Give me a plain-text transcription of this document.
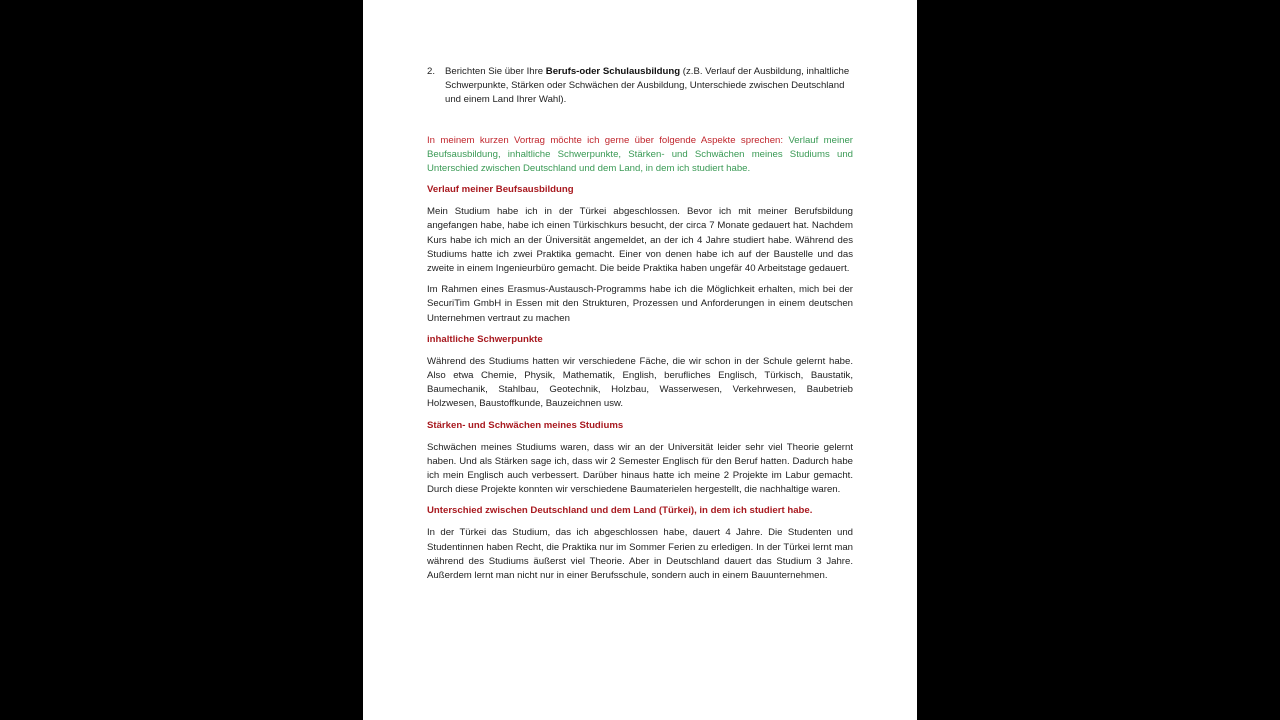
2.	Berichten Sie über Ihre Berufs-oder Schulausbildung (z.B. Verlauf der Ausbildung, inhaltliche Schwerpunkte, Stärken oder Schwächen der Ausbildung, Unterschiede zwischen Deutschland und einem Land Ihrer Wahl).

In meinem kurzen Vortrag möchte ich gerne über folgende Aspekte sprechen: Verlauf meiner Beufsausbildung, inhaltliche Schwerpunkte, Stärken- und Schwächen meines Studiums und Unterschied zwischen Deutschland und dem Land, in dem ich studiert habe.

Verlauf meiner Beufsausbildung

Mein Studium habe ich in der Türkei abgeschlossen. Bevor ich mit meiner Berufsbildung angefangen habe, habe ich einen Türkischkurs besucht, der circa 7 Monate gedauert hat. Nachdem Kurs habe ich mich an der Üniversität angemeldet, an der ich 4 Jahre studiert habe. Während des Studiums hatte ich zwei Praktika gemacht. Einer von denen habe ich auf der Baustelle und das zweite in einem Ingenieurbüro gemacht. Die beide Praktika haben ungefär 40 Arbeitstage gedauert.

Im Rahmen eines Erasmus-Austausch-Programms habe ich die Möglichkeit erhalten, mich bei der SecuriTim GmbH in Essen mit den Strukturen, Prozessen und Anforderungen in einem deutschen Unternehmen vertraut zu machen

inhaltliche Schwerpunkte

Während des Studiums hatten wir verschiedene Fäche, die wir schon in der Schule gelernt habe. Also etwa Chemie, Physik, Mathematik, English, berufliches Englisch, Türkisch, Baustatik, Baumechanik, Stahlbau, Geotechnik, Holzbau, Wasserwesen, Verkehrwesen, Baubetrieb Holzwesen, Baustoffkunde, Bauzeichnen usw.

Stärken- und Schwächen meines Studiums

Schwächen meines Studiums waren, dass wir an der Universität leider sehr viel Theorie gelernt haben. Und als Stärken sage ich, dass wir 2 Semester Englisch für den Beruf hatten. Dadurch habe ich mein Englisch auch verbessert. Darüber hinaus hatte ich meine 2 Projekte im Labur gemacht. Durch diese Projekte konnten wir verschiedene Baumaterielen hergestellt, die nachhaltige waren.

Unterschied zwischen Deutschland und dem Land (Türkei), in dem ich studiert habe.

In der Türkei das Studium, das ich abgeschlossen habe, dauert 4 Jahre. Die Studenten und Studentinnen haben Recht, die Praktika nur im Sommer Ferien zu erledigen. In der Türkei lernt man während des Studiums äußerst viel Theorie. Aber in Deutschland dauert das Studium 3 Jahre. Außerdem lernt man nicht nur in einer Berufsschule, sondern auch in einem Bauunternehmen.
